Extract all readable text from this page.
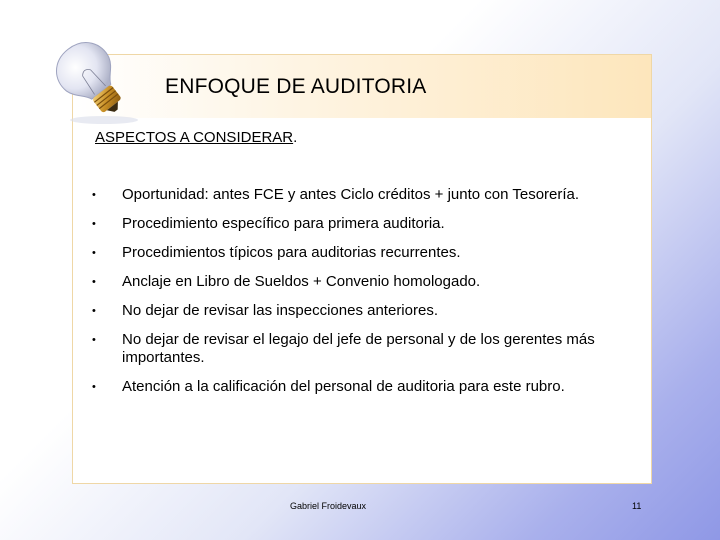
ENFOQUE DE AUDITORIA
ASPECTOS A CONSIDERAR.
•	Oportunidad: antes FCE y antes Ciclo créditos + junto con Tesorería.
•	Procedimiento específico para primera auditoria.
•	Procedimientos típicos para auditorias recurrentes.
•	Anclaje en Libro de Sueldos + Convenio homologado.
•	No dejar de revisar las inspecciones anteriores.
•	No dejar de revisar el legajo del jefe de personal y de los gerentes más importantes.
•	Atención a la calificación del personal de auditoria para este rubro.
Gabriel Froidevaux	11
